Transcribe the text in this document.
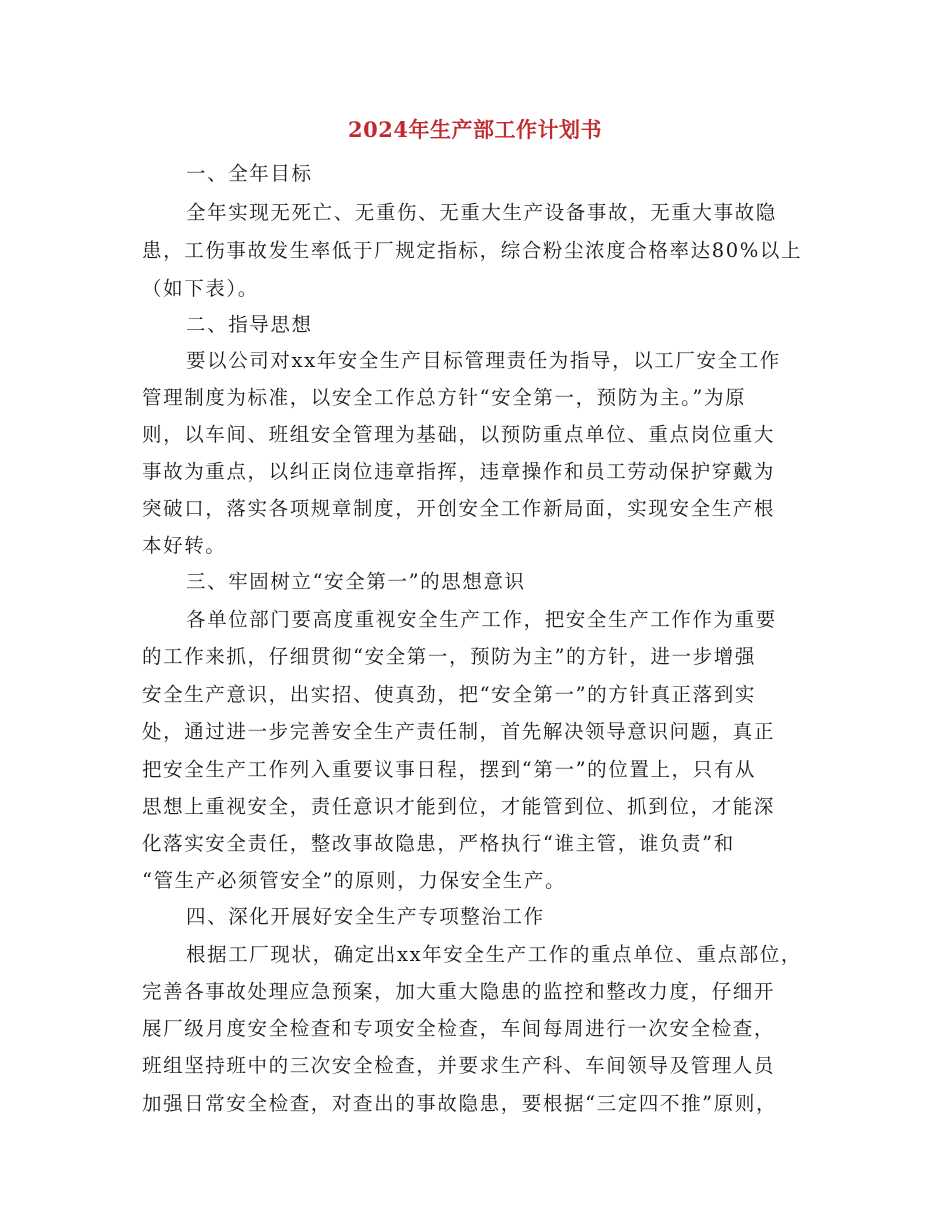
2024年生产部工作计划书
一、全年目标
全年实现无死亡、无重伤、无重大生产设备事故，无重大事故隐
患，工伤事故发生率低于厂规定指标，综合粉尘浓度合格率达80%以上
（如下表）。
二、指导思想
要以公司对xx年安全生产目标管理责任为指导，以工厂安全工作
管理制度为标准，以安全工作总方针“安全第一，预防为主。”为原
则，以车间、班组安全管理为基础，以预防重点单位、重点岗位重大
事故为重点，以纠正岗位违章指挥，违章操作和员工劳动保护穿戴为
突破口，落实各项规章制度，开创安全工作新局面，实现安全生产根
本好转。
三、牢固树立“安全第一”的思想意识
各单位部门要高度重视安全生产工作，把安全生产工作作为重要
的工作来抓，仔细贯彻“安全第一，预防为主”的方针，进一步增强
安全生产意识，出实招、使真劲，把“安全第一”的方针真正落到实
处，通过进一步完善安全生产责任制，首先解决领导意识问题，真正
把安全生产工作列入重要议事日程，摆到“第一”的位置上，只有从
思想上重视安全，责任意识才能到位，才能管到位、抓到位，才能深
化落实安全责任，整改事故隐患，严格执行“谁主管，谁负责”和
“管生产必须管安全”的原则，力保安全生产。
四、深化开展好安全生产专项整治工作
根据工厂现状，确定出xx年安全生产工作的重点单位、重点部位，
完善各事故处理应急预案，加大重大隐患的监控和整改力度，仔细开
展厂级月度安全检查和专项安全检查，车间每周进行一次安全检查，
班组坚持班中的三次安全检查，并要求生产科、车间领导及管理人员
加强日常安全检查，对查出的事故隐患，要根据“三定四不推”原则，
